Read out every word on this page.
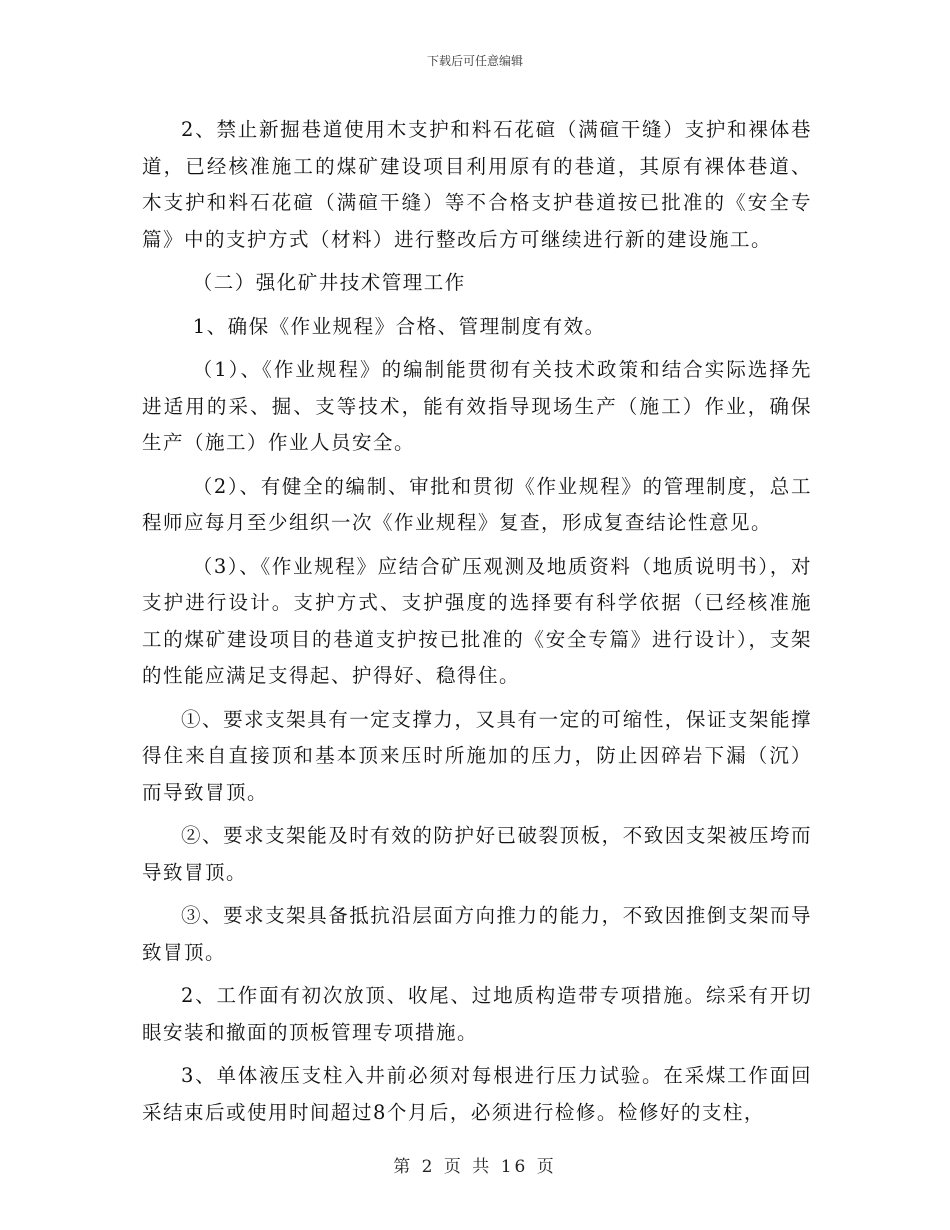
下载后可任意编辑

2、禁止新掘巷道使用木支护和料石花碹（满碹干缝）支护和裸体巷道，已经核准施工的煤矿建设项目利用原有的巷道，其原有裸体巷道、木支护和料石花碹（满碹干缝）等不合格支护巷道按已批准的《安全专篇》中的支护方式（材料）进行整改后方可继续进行新的建设施工。

（二）强化矿井技术管理工作

1、确保《作业规程》合格、管理制度有效。

（1）、《作业规程》的编制能贯彻有关技术政策和结合实际选择先进适用的采、掘、支等技术，能有效指导现场生产（施工）作业，确保生产（施工）作业人员安全。

（2）、有健全的编制、审批和贯彻《作业规程》的管理制度，总工程师应每月至少组织一次《作业规程》复查，形成复查结论性意见。

（3）、《作业规程》应结合矿压观测及地质资料（地质说明书），对支护进行设计。支护方式、支护强度的选择要有科学依据（已经核准施工的煤矿建设项目的巷道支护按已批准的《安全专篇》进行设计），支架的性能应满足支得起、护得好、稳得住。

①、要求支架具有一定支撑力，又具有一定的可缩性，保证支架能撑得住来自直接顶和基本顶来压时所施加的压力，防止因碎岩下漏（沉）而导致冒顶。

②、要求支架能及时有效的防护好已破裂顶板，不致因支架被压垮而导致冒顶。

③、要求支架具备抵抗沿层面方向推力的能力，不致因推倒支架而导致冒顶。

2、工作面有初次放顶、收尾、过地质构造带专项措施。综采有开切眼安装和撤面的顶板管理专项措施。

3、单体液压支柱入井前必须对每根进行压力试验。在采煤工作面回采结束后或使用时间超过8个月后，必须进行检修。检修好的支柱，

第 2 页 共 16 页
